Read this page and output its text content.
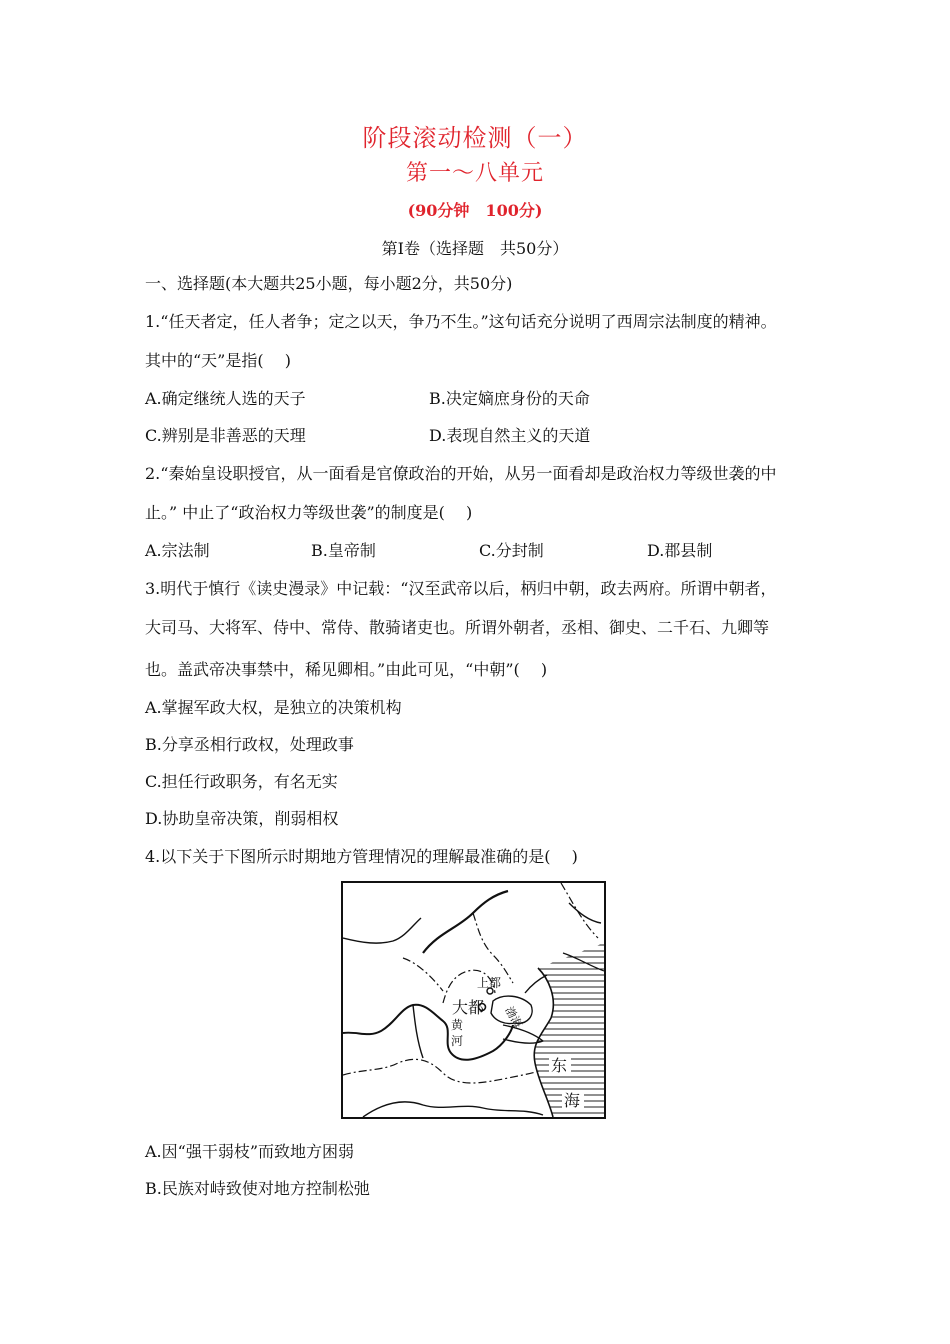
阶段滚动检测（一）
第一～八单元
(90分钟　100分)
第Ⅰ卷（选择题　共50分）
一、选择题(本大题共25小题，每小题2分，共50分)
1.“任天者定，任人者争；定之以天，争乃不生。”这句话充分说明了西周宗法制度的精神。
其中的“天”是指(　 )
A.确定继统人选的天子	B.决定嫡庶身份的天命
C.辨别是非善恶的天理	D.表现自然主义的天道
2.“秦始皇设职授官，从一面看是官僚政治的开始，从另一面看却是政治权力等级世袭的中
止。” 中止了“政治权力等级世袭”的制度是(　 )
A.宗法制	B.皇帝制	C.分封制	D.郡县制
3.明代于慎行《读史漫录》中记载：“汉至武帝以后，柄归中朝，政去两府。所谓中朝者，
大司马、大将军、侍中、常侍、散骑诸吏也。所谓外朝者，丞相、御史、二千石、九卿等
也。盖武帝决事禁中，稀见卿相。”由此可见，“中朝”(　 )
A.掌握军政大权，是独立的决策机构
B.分享丞相行政权，处理政事
C.担任行政职务，有名无实
D.协助皇帝决策，削弱相权
4.以下关于下图所示时期地方管理情况的理解最准确的是(　 )
上都
大都 渤海
黄
河
东
海
A.因“强干弱枝”而致地方困弱
B.民族对峙致使对地方控制松弛
